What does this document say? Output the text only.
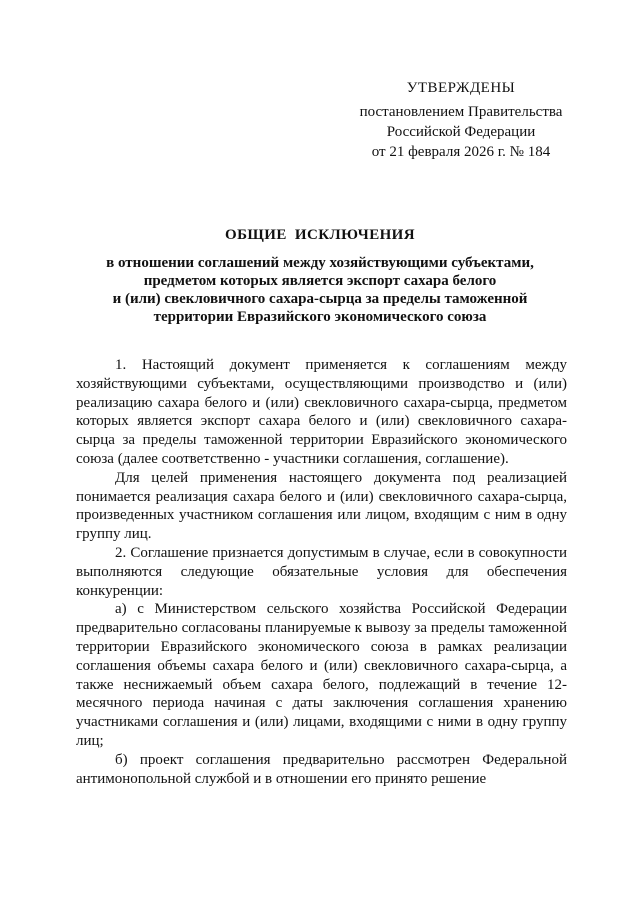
УТВЕРЖДЕНЫ
постановлением Правительства
Российской Федерации
от 21 февраля 2026 г. № 184
ОБЩИЕ ИСКЛЮЧЕНИЯ
в отношении соглашений между хозяйствующими субъектами,
предметом которых является экспорт сахара белого
и (или) свекловичного сахара-сырца за пределы таможенной
территории Евразийского экономического союза

1. Настоящий документ применяется к соглашениям между хозяйствующими субъектами, осуществляющими производство и (или) реализацию сахара белого и (или) свекловичного сахара-сырца, предметом которых является экспорт сахара белого и (или) свекловичного сахара-сырца за пределы таможенной территории Евразийского экономического союза (далее соответственно - участники соглашения, соглашение).

Для целей применения настоящего документа под реализацией понимается реализация сахара белого и (или) свекловичного сахара-сырца, произведенных участником соглашения или лицом, входящим с ним в одну группу лиц.

2. Соглашение признается допустимым в случае, если в совокупности выполняются следующие обязательные условия для обеспечения конкуренции:

а) с Министерством сельского хозяйства Российской Федерации предварительно согласованы планируемые к вывозу за пределы таможенной территории Евразийского экономического союза в рамках реализации соглашения объемы сахара белого и (или) свекловичного сахара-сырца, а также неснижаемый объем сахара белого, подлежащий в течение 12-месячного периода начиная с даты заключения соглашения хранению участниками соглашения и (или) лицами, входящими с ними в одну группу лиц;

б) проект соглашения предварительно рассмотрен Федеральной антимонопольной службой и в отношении его принято решение
